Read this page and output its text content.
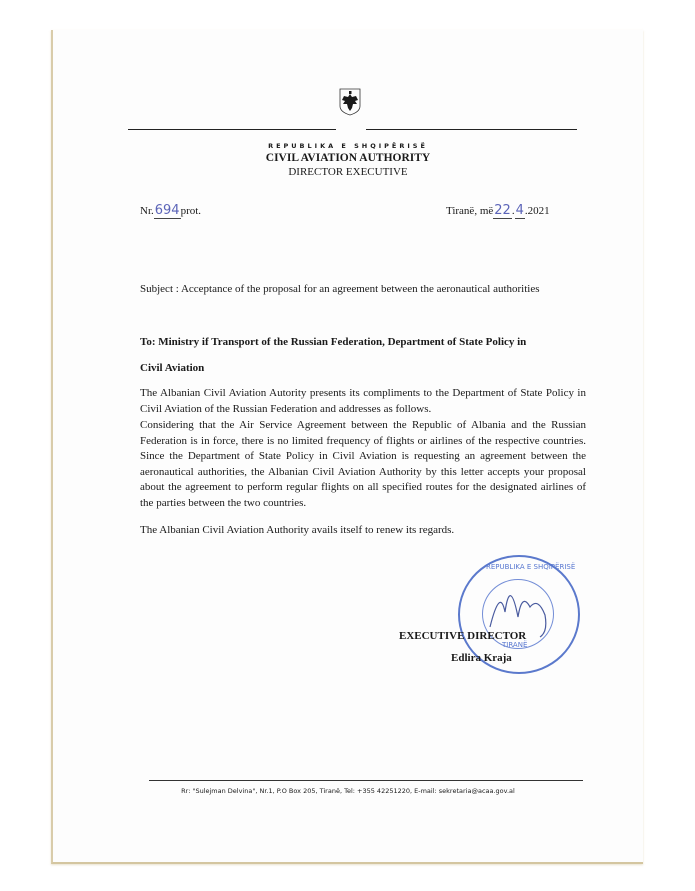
REPUBLIKA E SHQIPËRISË
CIVIL AVIATION AUTHORITY
DIRECTOR EXECUTIVE
Nr.694prot.	Tiranë, më22.4.2021
Subject : Acceptance of the proposal for an agreement between the aeronautical authorities
To: Ministry if Transport of the Russian Federation, Department of State Policy in
Civil Aviation
The Albanian Civil Aviation Autority presents its compliments to the Department of State Policy in Civil Aviation of the Russian Federation and addresses as follows.
Considering that the Air Service Agreement between the Republic of Albania and the Russian Federation is in force, there is no limited frequency of flights or airlines of the respective countries. Since the Department of State Policy in Civil Aviation is requesting an agreement between the aeronautical authorities, the Albanian Civil Aviation Authority by this letter accepts your proposal about the agreement to perform regular flights on all specified routes for the designated airlines of the parties between the two countries.
The Albanian Civil Aviation Authority avails itself to renew its regards.
REPUBLIKA E SHQIPËRISË
TIRANË
EXECUTIVE DIRECTOR
Edlira Kraja
Rr: "Sulejman Delvina", Nr.1, P.O Box 205, Tiranë, Tel: +355 42251220, E-mail: sekretaria@acaa.gov.al
